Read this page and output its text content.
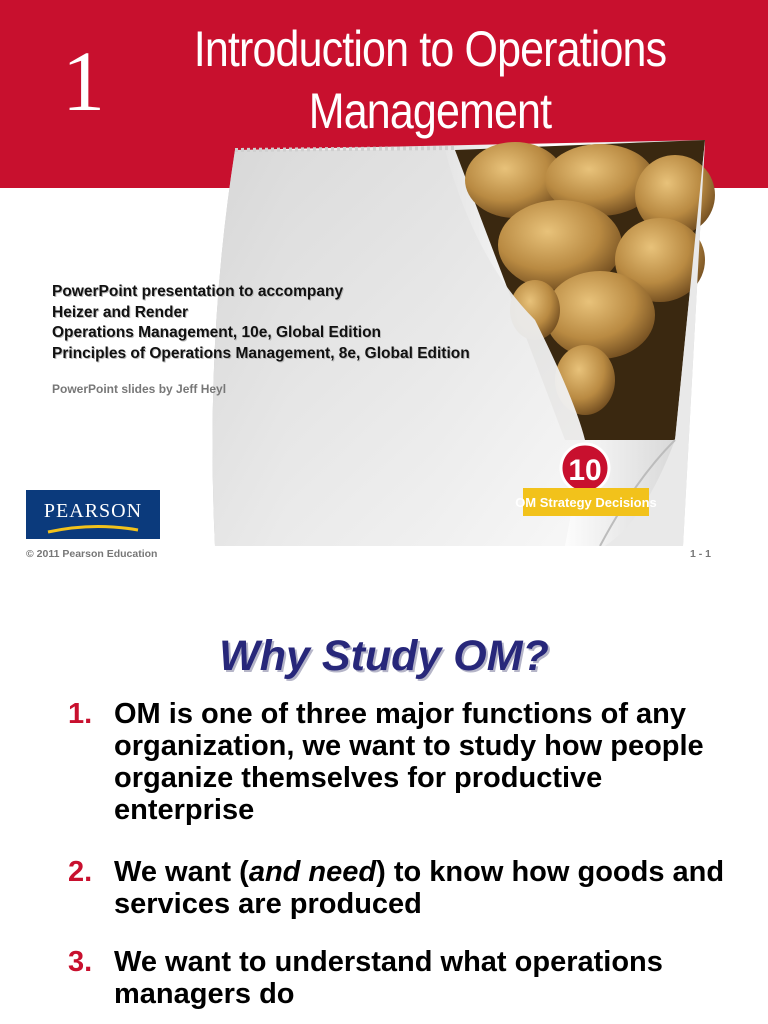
10
OM Strategy Decisions
1 Introduction to Operations
Management
PowerPoint presentation to accompany
Heizer and Render
Operations Management, 10e, Global Edition
Principles of Operations Management, 8e, Global Edition
PowerPoint slides by Jeff Heyl
PEARSON
© 2011 Pearson Education	1 - 1
Why Study OM?
1. OM is one of three major functions of any organization, we want to study how people organize themselves for productive enterprise
2. We want (and need) to know how goods and services are produced
3. We want to understand what operations managers do
